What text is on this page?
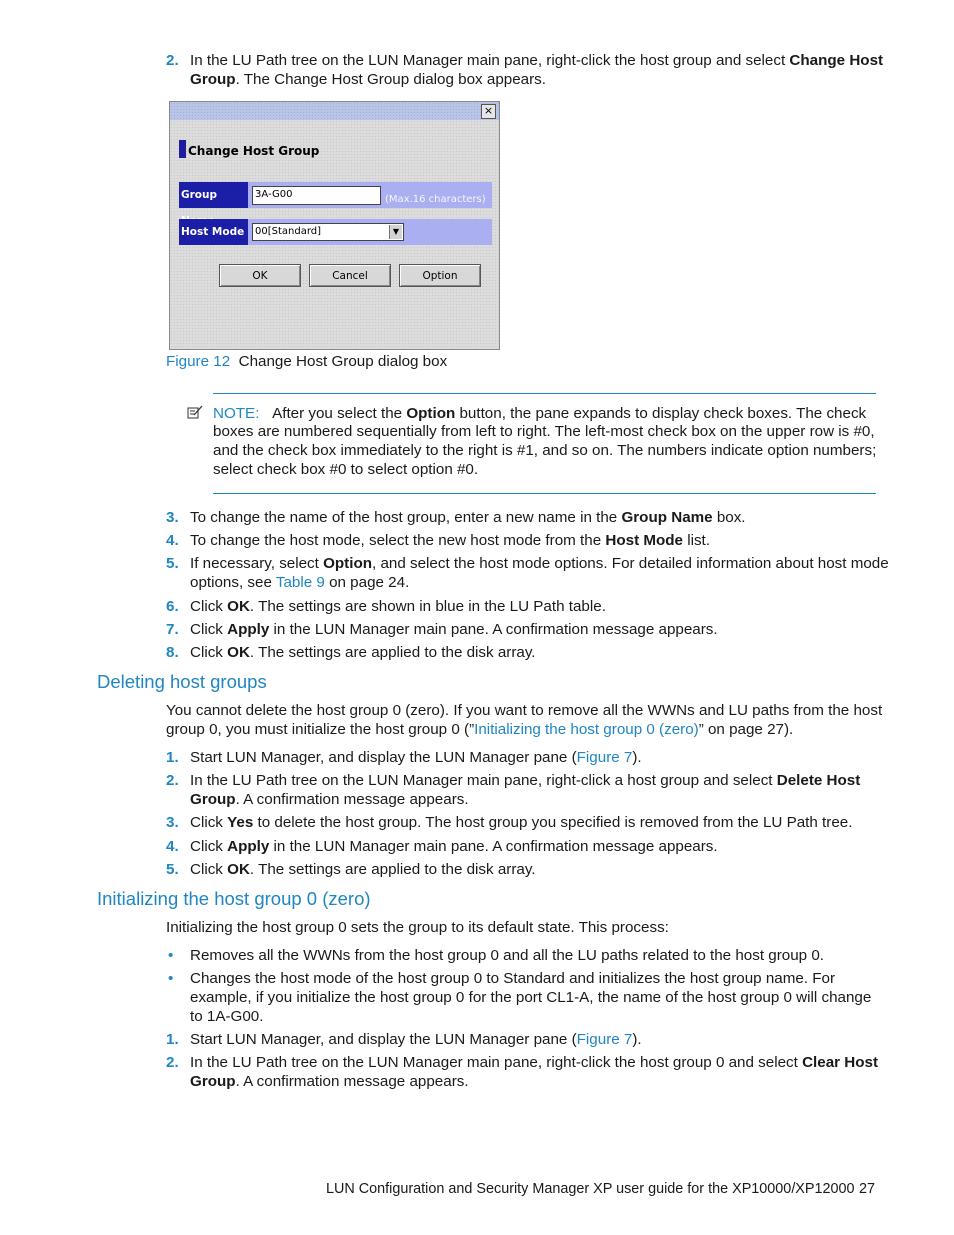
2. In the LU Path tree on the LUN Manager main pane, right-click the host group and select Change Host
Group. The Change Host Group dialog box appears.
×
Change Host Group
Group	3A-G00	(Max.16 characters)
Host Mode	00[Standard]	▼
OK	Cancel	Option
Figure 12 Change Host Group dialog box
NOTE: After you select the Option button, the pane expands to display check boxes. The check
boxes are numbered sequentially from left to right. The left-most check box on the upper row is #0,
and the check box immediately to the right is #1, and so on. The numbers indicate option numbers;
select check box #0 to select option #0.
3. To change the name of the host group, enter a new name in the Group Name box.
4. To change the host mode, select the new host mode from the Host Mode list.
5. If necessary, select Option, and select the host mode options. For detailed information about host mode
options, see Table 9 on page 24.
6. Click OK. The settings are shown in blue in the LU Path table.
7. Click Apply in the LUN Manager main pane. A confirmation message appears.
8. Click OK. The settings are applied to the disk array.
Deleting host groups
You cannot delete the host group 0 (zero). If you want to remove all the WWNs and LU paths from the host
group 0, you must initialize the host group 0 (”Initializing the host group 0 (zero)” on page 27).
1. Start LUN Manager, and display the LUN Manager pane (Figure 7).
2. In the LU Path tree on the LUN Manager main pane, right-click a host group and select Delete Host
Group. A confirmation message appears.
3. Click Yes to delete the host group. The host group you specified is removed from the LU Path tree.
4. Click Apply in the LUN Manager main pane. A confirmation message appears.
5. Click OK. The settings are applied to the disk array.
Initializing the host group 0 (zero)
Initializing the host group 0 sets the group to its default state. This process:
• Removes all the WWNs from the host group 0 and all the LU paths related to the host group 0.
• Changes the host mode of the host group 0 to Standard and initializes the host group name. For
example, if you initialize the host group 0 for the port CL1-A, the name of the host group 0 will change
to 1A-G00.
1. Start LUN Manager, and display the LUN Manager pane (Figure 7).
2. In the LU Path tree on the LUN Manager main pane, right-click the host group 0 and select Clear Host
Group. A confirmation message appears.
LUN Configuration and Security Manager XP user guide for the XP10000/XP12000 27
